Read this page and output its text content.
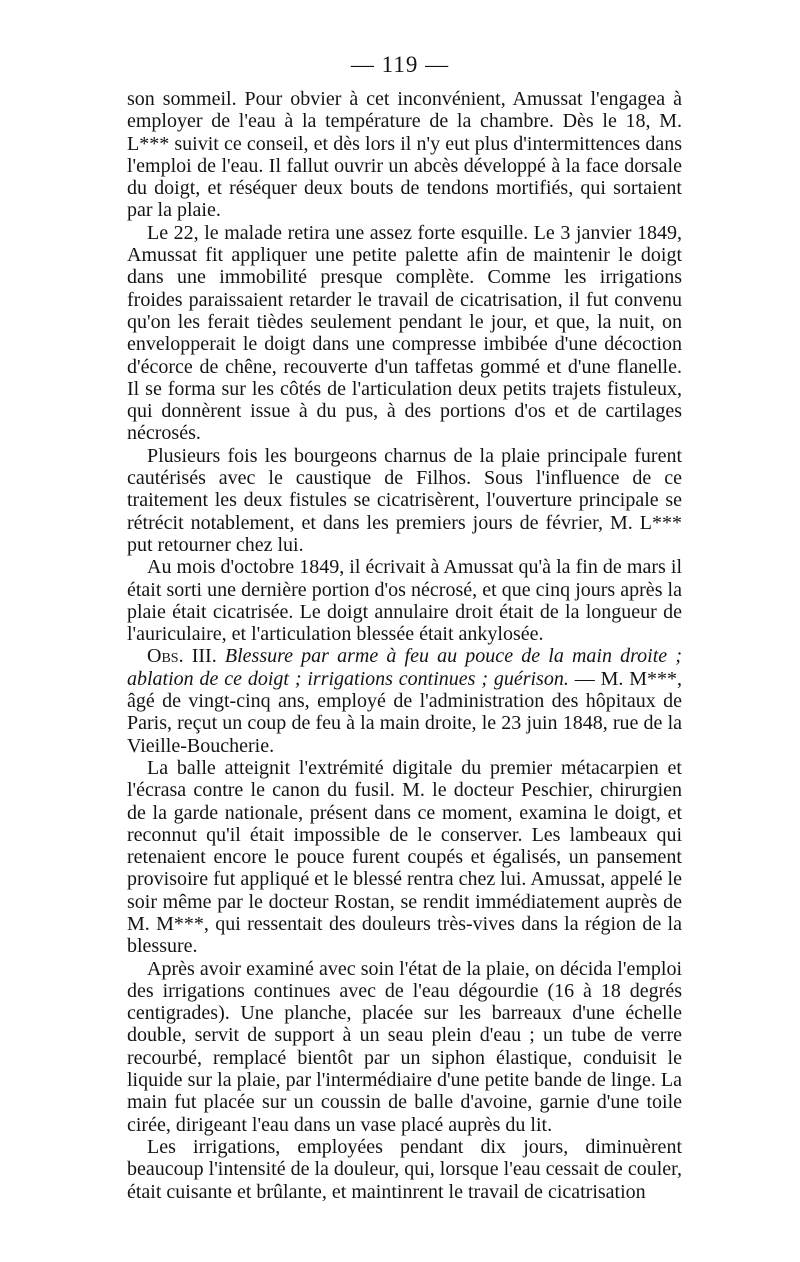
— 119 —

son sommeil. Pour obvier à cet inconvénient, Amussat l'engagea à employer de l'eau à la température de la chambre. Dès le 18, M. L*** suivit ce conseil, et dès lors il n'y eut plus d'intermittences dans l'emploi de l'eau. Il fallut ouvrir un abcès développé à la face dorsale du doigt, et réséquer deux bouts de tendons mortifiés, qui sortaient par la plaie.

Le 22, le malade retira une assez forte esquille. Le 3 janvier 1849, Amussat fit appliquer une petite palette afin de maintenir le doigt dans une immobilité presque complète. Comme les irrigations froides paraissaient retarder le travail de cicatrisation, il fut convenu qu'on les ferait tièdes seulement pendant le jour, et que, la nuit, on envelopperait le doigt dans une compresse imbibée d'une décoction d'écorce de chêne, recouverte d'un taffetas gommé et d'une flanelle. Il se forma sur les côtés de l'articulation deux petits trajets fistuleux, qui donnèrent issue à du pus, à des portions d'os et de cartilages nécrosés.

Plusieurs fois les bourgeons charnus de la plaie principale furent cautérisés avec le caustique de Filhos. Sous l'influence de ce traitement les deux fistules se cicatrisèrent, l'ouverture principale se rétrécit notablement, et dans les premiers jours de février, M. L*** put retourner chez lui.

Au mois d'octobre 1849, il écrivait à Amussat qu'à la fin de mars il était sorti une dernière portion d'os nécrosé, et que cinq jours après la plaie était cicatrisée. Le doigt annulaire droit était de la longueur de l'auriculaire, et l'articulation blessée était ankylosée.

Obs. III. Blessure par arme à feu au pouce de la main droite ; ablation de ce doigt ; irrigations continues ; guérison. — M. M***, âgé de vingt-cinq ans, employé de l'administration des hôpitaux de Paris, reçut un coup de feu à la main droite, le 23 juin 1848, rue de la Vieille-Boucherie.

La balle atteignit l'extrémité digitale du premier métacarpien et l'écrasa contre le canon du fusil. M. le docteur Peschier, chirurgien de la garde nationale, présent dans ce moment, examina le doigt, et reconnut qu'il était impossible de le conserver. Les lambeaux qui retenaient encore le pouce furent coupés et égalisés, un pansement provisoire fut appliqué et le blessé rentra chez lui. Amussat, appelé le soir même par le docteur Rostan, se rendit immédiatement auprès de M. M***, qui ressentait des douleurs très-vives dans la région de la blessure.

Après avoir examiné avec soin l'état de la plaie, on décida l'emploi des irrigations continues avec de l'eau dégourdie (16 à 18 degrés centigrades). Une planche, placée sur les barreaux d'une échelle double, servit de support à un seau plein d'eau ; un tube de verre recourbé, remplacé bientôt par un siphon élastique, conduisit le liquide sur la plaie, par l'intermédiaire d'une petite bande de linge. La main fut placée sur un coussin de balle d'avoine, garnie d'une toile cirée, dirigeant l'eau dans un vase placé auprès du lit.

Les irrigations, employées pendant dix jours, diminuèrent beaucoup l'intensité de la douleur, qui, lorsque l'eau cessait de couler, était cuisante et brûlante, et maintinrent le travail de cicatrisation
